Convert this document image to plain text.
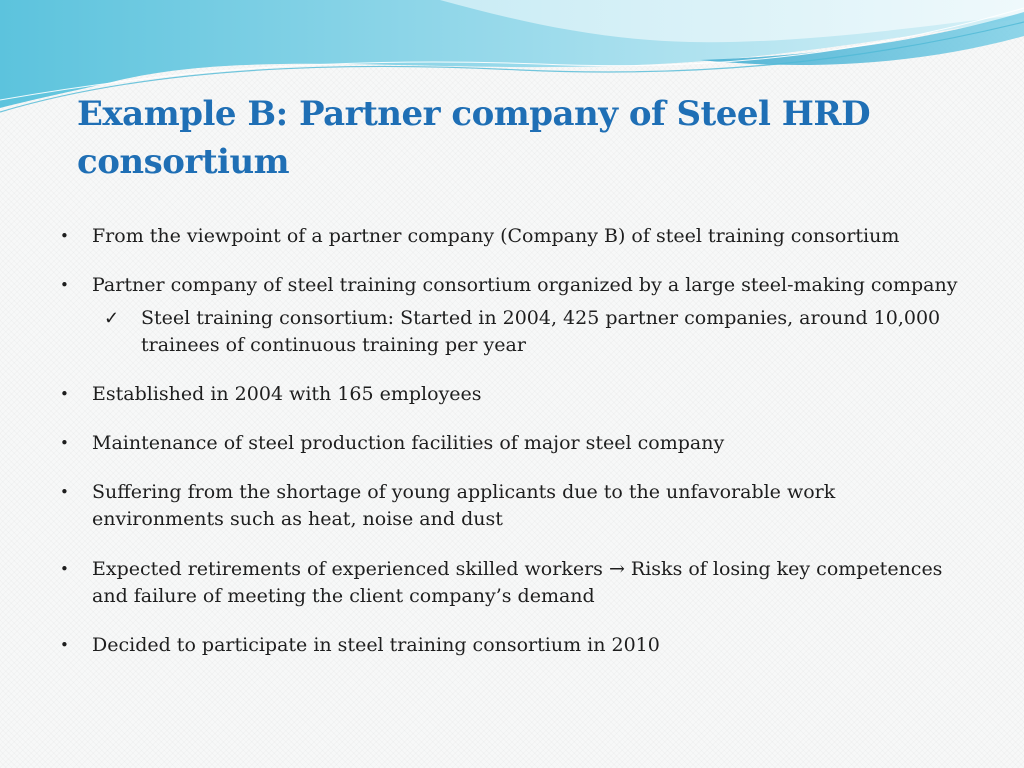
Example B: Partner company of Steel HRD consortium
• From the viewpoint of a partner company (Company B) of steel training consortium
• Partner company of steel training consortium organized by a large steel-making company
✓ Steel training consortium: Started in 2004, 425 partner companies, around 10,000 trainees of continuous training per year
• Established in 2004 with 165 employees
• Maintenance of steel production facilities of major steel company
• Suffering from the shortage of young applicants due to the unfavorable work environments such as heat, noise and dust
• Expected retirements of experienced skilled workers → Risks of losing key competences and failure of meeting the client company’s demand
• Decided to participate in steel training consortium in 2010
